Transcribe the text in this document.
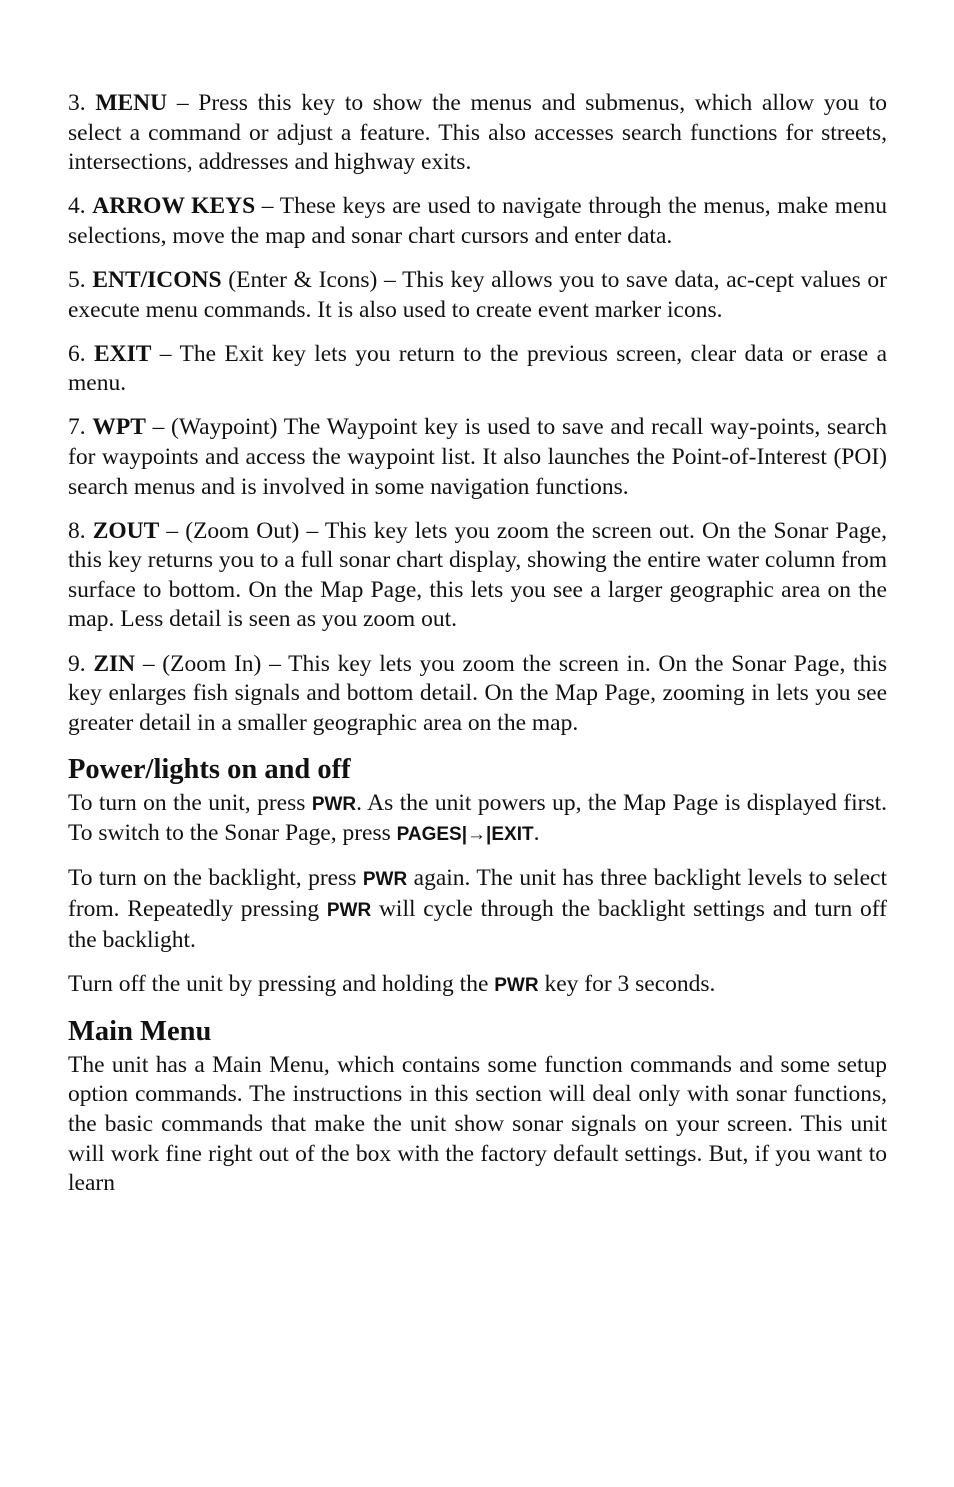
3. MENU – Press this key to show the menus and submenus, which allow you to select a command or adjust a feature. This also accesses search functions for streets, intersections, addresses and highway exits.

4. ARROW KEYS – These keys are used to navigate through the menus, make menu selections, move the map and sonar chart cursors and enter data.

5. ENT/ICONS (Enter & Icons) – This key allows you to save data, ac-cept values or execute menu commands. It is also used to create event marker icons.

6. EXIT – The Exit key lets you return to the previous screen, clear data or erase a menu.

7. WPT – (Waypoint) The Waypoint key is used to save and recall way-points, search for waypoints and access the waypoint list. It also launches the Point-of-Interest (POI) search menus and is involved in some navigation functions.

8. ZOUT – (Zoom Out) – This key lets you zoom the screen out. On the Sonar Page, this key returns you to a full sonar chart display, showing the entire water column from surface to bottom. On the Map Page, this lets you see a larger geographic area on the map. Less detail is seen as you zoom out.

9. ZIN – (Zoom In) – This key lets you zoom the screen in. On the Sonar Page, this key enlarges fish signals and bottom detail. On the Map Page, zooming in lets you see greater detail in a smaller geographic area on the map.

Power/lights on and off

To turn on the unit, press PWR. As the unit powers up, the Map Page is displayed first. To switch to the Sonar Page, press PAGES|→|EXIT.

To turn on the backlight, press PWR again. The unit has three backlight levels to select from. Repeatedly pressing PWR will cycle through the backlight settings and turn off the backlight.

Turn off the unit by pressing and holding the PWR key for 3 seconds.

Main Menu

The unit has a Main Menu, which contains some function commands and some setup option commands. The instructions in this section will deal only with sonar functions, the basic commands that make the unit show sonar signals on your screen. This unit will work fine right out of the box with the factory default settings. But, if you want to learn
